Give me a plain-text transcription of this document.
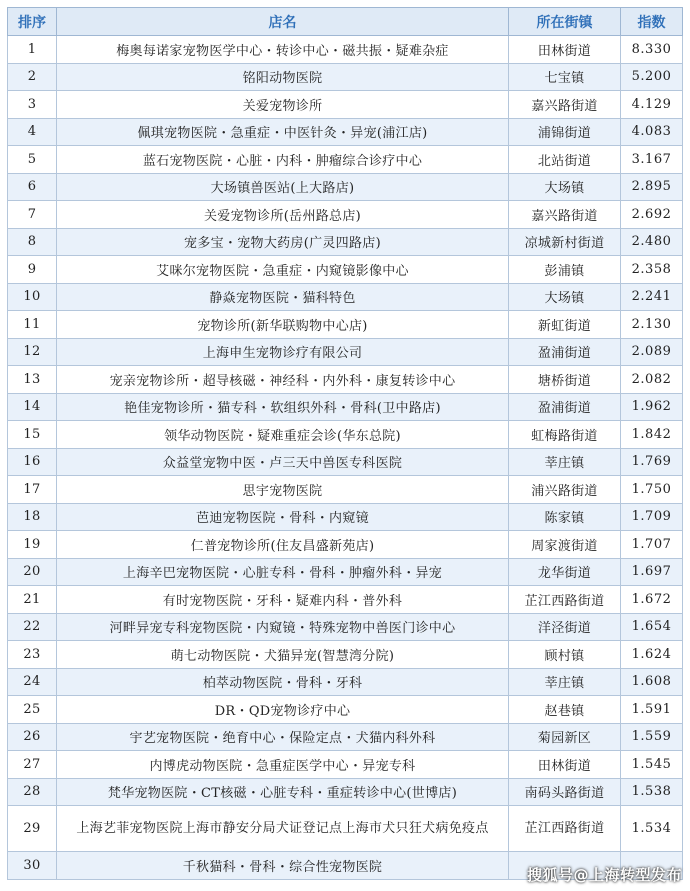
排序	店名	所在街镇	指数
1	梅奥每诺家宠物医学中心・转诊中心・磁共振・疑难杂症	田林街道	8.330
2	铭阳动物医院	七宝镇	5.200
3	关爱宠物诊所	嘉兴路街道	4.129
4	佩琪宠物医院・急重症・中医针灸・异宠(浦江店)	浦锦街道	4.083
5	蓝石宠物医院・心脏・内科・肿瘤综合诊疗中心	北站街道	3.167
6	大场镇兽医站(上大路店)	大场镇	2.895
7	关爱宠物诊所(岳州路总店)	嘉兴路街道	2.692
8	宠多宝・宠物大药房(广灵四路店)	凉城新村街道	2.480
9	艾咪尔宠物医院・急重症・内窥镜影像中心	彭浦镇	2.358
10	静焱宠物医院・猫科特色	大场镇	2.241
11	宠物诊所(新华联购物中心店)	新虹街道	2.130
12	上海申生宠物诊疗有限公司	盈浦街道	2.089
13	宠亲宠物诊所・超导核磁・神经科・内外科・康复转诊中心	塘桥街道	2.082
14	艳佳宠物诊所・猫专科・软组织外科・骨科(卫中路店)	盈浦街道	1.962
15	领华动物医院・疑难重症会诊(华东总院)	虹梅路街道	1.842
16	众益堂宠物中医・卢三天中兽医专科医院	莘庄镇	1.769
17	思宇宠物医院	浦兴路街道	1.750
18	芭迪宠物医院・骨科・内窥镜	陈家镇	1.709
19	仁普宠物诊所(住友昌盛新苑店)	周家渡街道	1.707
20	上海辛巴宠物医院・心脏专科・骨科・肿瘤外科・异宠	龙华街道	1.697
21	有时宠物医院・牙科・疑难内科・普外科	芷江西路街道	1.672
22	河畔异宠专科宠物医院・内窥镜・特殊宠物中兽医门诊中心	洋泾街道	1.654
23	萌七动物医院・犬猫异宠(智慧湾分院)	顾村镇	1.624
24	柏萃动物医院・骨科・牙科	莘庄镇	1.608
25	DR・QD宠物诊疗中心	赵巷镇	1.591
26	宇艺宠物医院・绝育中心・保险定点・犬猫内科外科	菊园新区	1.559
27	内博虎动物医院・急重症医学中心・异宠专科	田林街道	1.545
28	梵华宠物医院・CT核磁・心脏专科・重症转诊中心(世博店)	南码头路街道	1.538
29	上海艺菲宠物医院上海市静安分局犬证登记点上海市犬只狂犬病免疫点	芷江西路街道	1.534
30	千秋猫科・骨科・综合性宠物医院			搜狐号@上海转型发布
